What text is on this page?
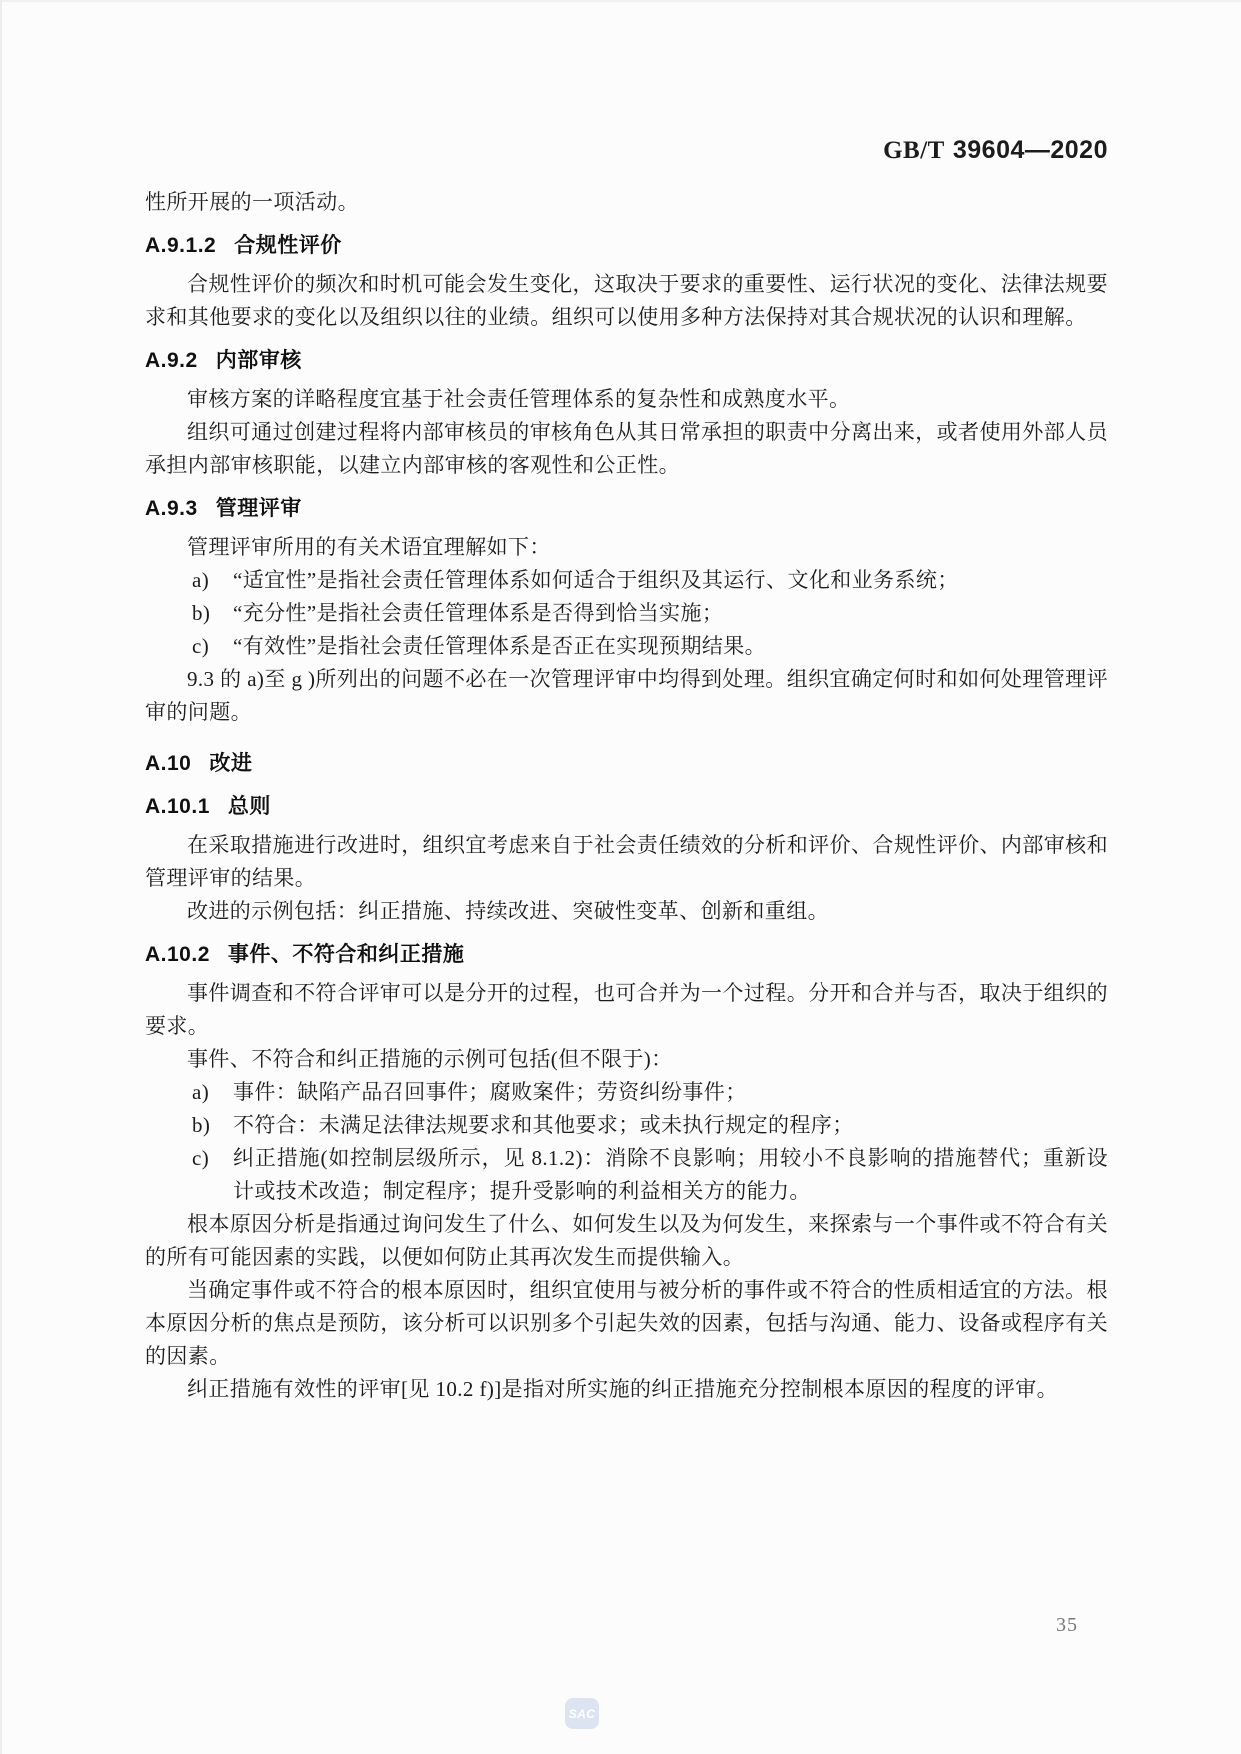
GB/T 39604—2020

性所开展的一项活动。

A.9.1.2 合规性评价

合规性评价的频次和时机可能会发生变化，这取决于要求的重要性、运行状况的变化、法律法规要求和其他要求的变化以及组织以往的业绩。组织可以使用多种方法保持对其合规状况的认识和理解。

A.9.2 内部审核

审核方案的详略程度宜基于社会责任管理体系的复杂性和成熟度水平。

组织可通过创建过程将内部审核员的审核角色从其日常承担的职责中分离出来，或者使用外部人员承担内部审核职能，以建立内部审核的客观性和公正性。

A.9.3 管理评审

管理评审所用的有关术语宜理解如下：

a)	“适宜性”是指社会责任管理体系如何适合于组织及其运行、文化和业务系统；
b)	“充分性”是指社会责任管理体系是否得到恰当实施；
c)	“有效性”是指社会责任管理体系是否正在实现预期结果。

9.3 的 a)至 g )所列出的问题不必在一次管理评审中均得到处理。组织宜确定何时和如何处理管理评审的问题。

A.10 改进
A.10.1 总则

在采取措施进行改进时，组织宜考虑来自于社会责任绩效的分析和评价、合规性评价、内部审核和管理评审的结果。

改进的示例包括：纠正措施、持续改进、突破性变革、创新和重组。

A.10.2 事件、不符合和纠正措施

事件调查和不符合评审可以是分开的过程，也可合并为一个过程。分开和合并与否，取决于组织的要求。

事件、不符合和纠正措施的示例可包括(但不限于)：

a)	事件：缺陷产品召回事件；腐败案件；劳资纠纷事件；
b)	不符合：未满足法律法规要求和其他要求；或未执行规定的程序；
c)	纠正措施(如控制层级所示，见 8.1.2)：消除不良影响；用较小不良影响的措施替代；重新设计或技术改造；制定程序；提升受影响的利益相关方的能力。

根本原因分析是指通过询问发生了什么、如何发生以及为何发生，来探索与一个事件或不符合有关的所有可能因素的实践，以便如何防止其再次发生而提供输入。

当确定事件或不符合的根本原因时，组织宜使用与被分析的事件或不符合的性质相适宜的方法。根本原因分析的焦点是预防，该分析可以识别多个引起失效的因素，包括与沟通、能力、设备或程序有关的因素。

纠正措施有效性的评审[见 10.2 f)]是指对所实施的纠正措施充分控制根本原因的程度的评审。

35
SAC
